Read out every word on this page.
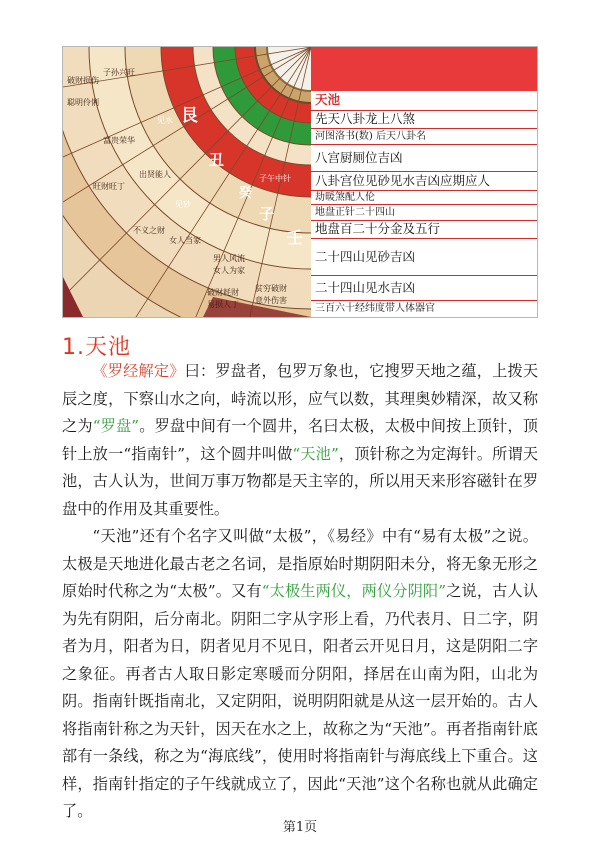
艮
丑
癸
子
壬
破财损伤
聪明伶俐
子孙兴旺
富贵荣华
男人风流
女人为家
贫穷破财
意外伤害
破财耗财
易损人丁
旺财旺丁
不义之财
出贤能人
女人当家
见水
见砂
子午中针
天池
先天八卦龙上八煞
河图洛书(数) 后天八卦名
八宫厨厕位吉凶
八卦宫位见砂见水吉凶应期应人
劫暖煞配人伦
地盘正针二十四山
地盘百二十分金及五行
二十四山见砂吉凶
二十四山见水吉凶
三百六十经纬度带人体器官
1.天池

《罗经解定》曰：罗盘者，包罗万象也，它搜罗天地之蕴，上拨天辰之度，下察山水之向，峙流以形，应气以数，其理奥妙精深，故又称之为“罗盘”。罗盘中间有一个圆井，名曰太极，太极中间按上顶针，顶针上放一“指南针”，这个圆井叫做“天池”，顶针称之为定海针。所谓天池，古人认为，世间万事万物都是天主宰的，所以用天来形容磁针在罗盘中的作用及其重要性。

“天池”还有个名字又叫做“太极”，《易经》中有“易有太极”之说。太极是天地进化最古老之名词，是指原始时期阴阳未分，将无象无形之原始时代称之为“太极”。又有“太极生两仪，两仪分阴阳”之说，古人认为先有阴阳，后分南北。阴阳二字从字形上看，乃代表月、日二字，阴者为月，阳者为日，阴者见月不见日，阳者云开见日月，这是阴阳二字之象征。再者古人取日影定寒暖而分阴阳，择居在山南为阳，山北为阴。指南针既指南北，又定阴阳，说明阴阳就是从这一层开始的。古人将指南针称之为天针，因天在水之上，故称之为“天池”。再者指南针底部有一条线，称之为“海底线”，使用时将指南针与海底线上下重合。这样，指南针指定的子午线就成立了，因此“天池”这个名称也就从此确定了。

第1页
